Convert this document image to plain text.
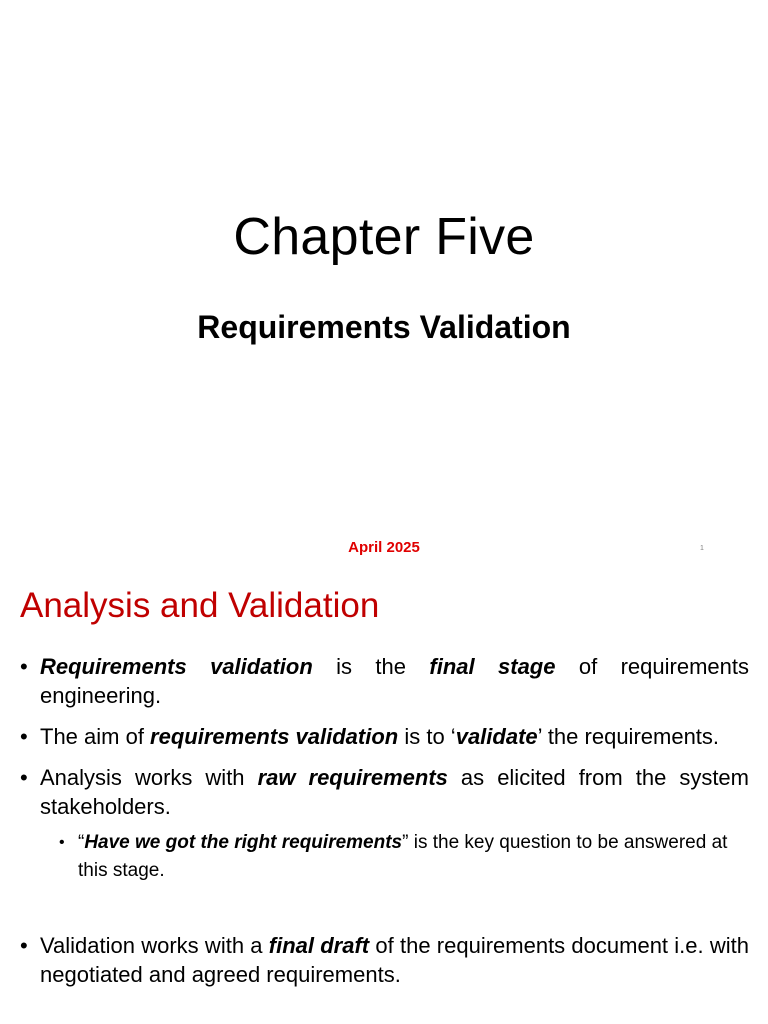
Chapter Five
Requirements Validation
April 2025	1
Analysis and Validation
• Requirements validation is the final stage of requirements engineering.
• The aim of requirements validation is to ‘validate’ the requirements.
• Analysis works with raw requirements as elicited from the system stakeholders.
• “Have we got the right requirements” is the key question to be answered at this stage.
• Validation works with a final draft of the requirements document i.e. with negotiated and agreed requirements.
